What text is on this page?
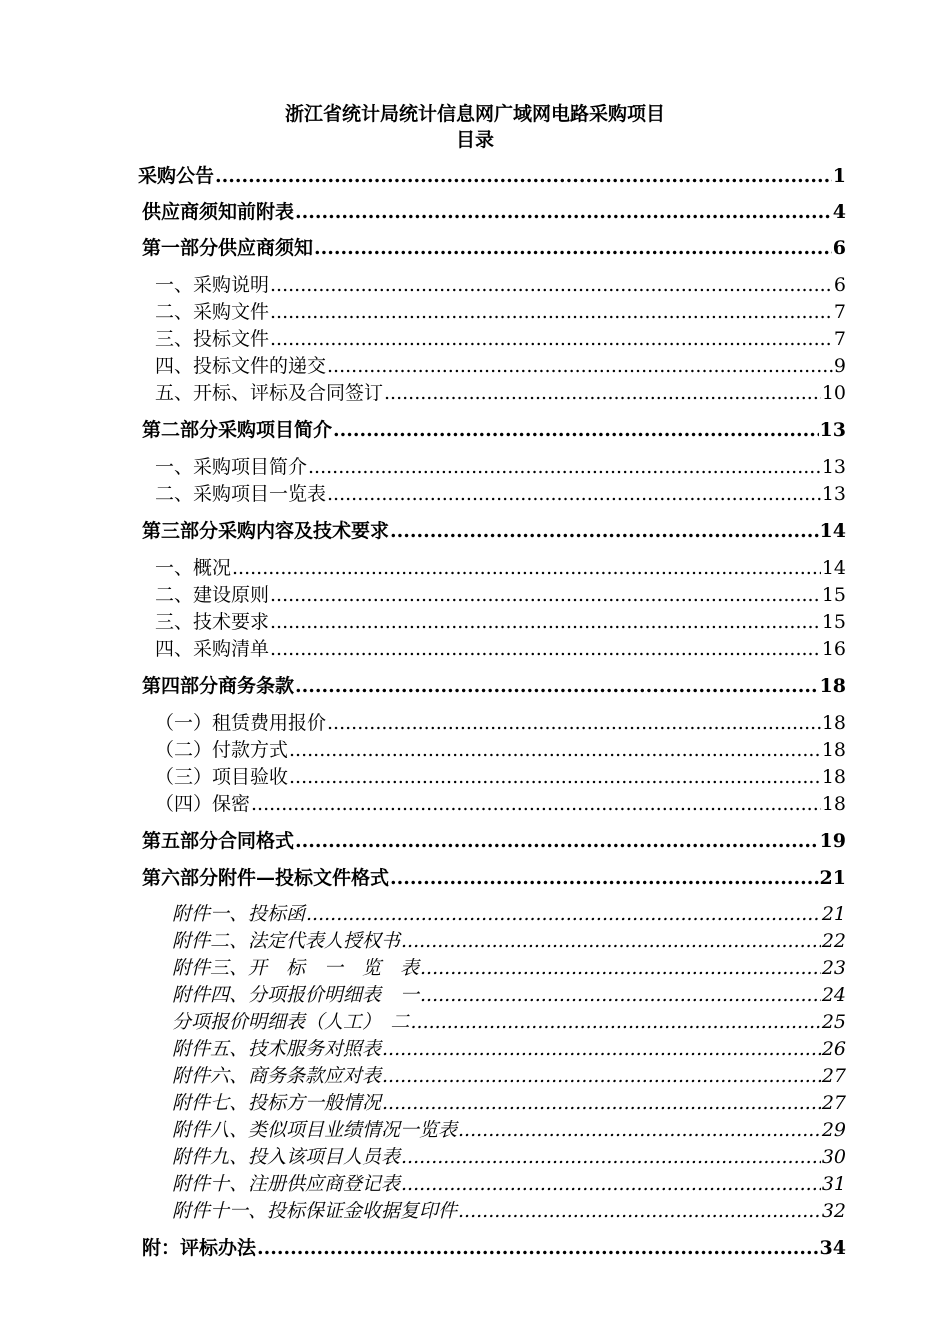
浙江省统计局统计信息网广域网电路采购项目
目录
采购公告 .....	1
供应商须知前附表 .....	4
第一部分供应商须知 .....	6
一、采购说明 .....	6
二、采购文件 .....	7
三、投标文件 .....	7
四、投标文件的递交 .....	9
五、开标、评标及合同签订 .....	10
第二部分采购项目简介 .....	13
一、采购项目简介 .....	13
二、采购项目一览表 .....	13
第三部分采购内容及技术要求 .....	14
一、概况 .....	14
二、建设原则 .....	15
三、技术要求 .....	15
四、采购清单 .....	16
第四部分商务条款 .....	18
（一）租赁费用报价 .....	18
（二）付款方式 .....	18
（三）项目验收 .....	18
（四）保密 .....	18
第五部分合同格式 .....	19
第六部分附件—投标文件格式 .....	21
附件一、投标函 .....	21
附件二、法定代表人授权书 .....	22
附件三、开　标　一　览　表 .....	23
附件四、分项报价明细表　一 .....	24
分项报价明细表（人工）　二 .....	25
附件五、技术服务对照表 .....	26
附件六、商务条款应对表 .....	27
附件七、投标方一般情况 .....	27
附件八、类似项目业绩情况一览表 .....	29
附件九、投入该项目人员表 .....	30
附件十、注册供应商登记表 .....	31
附件十一、投标保证金收据复印件 .....	32
附：评标办法 .....	34
